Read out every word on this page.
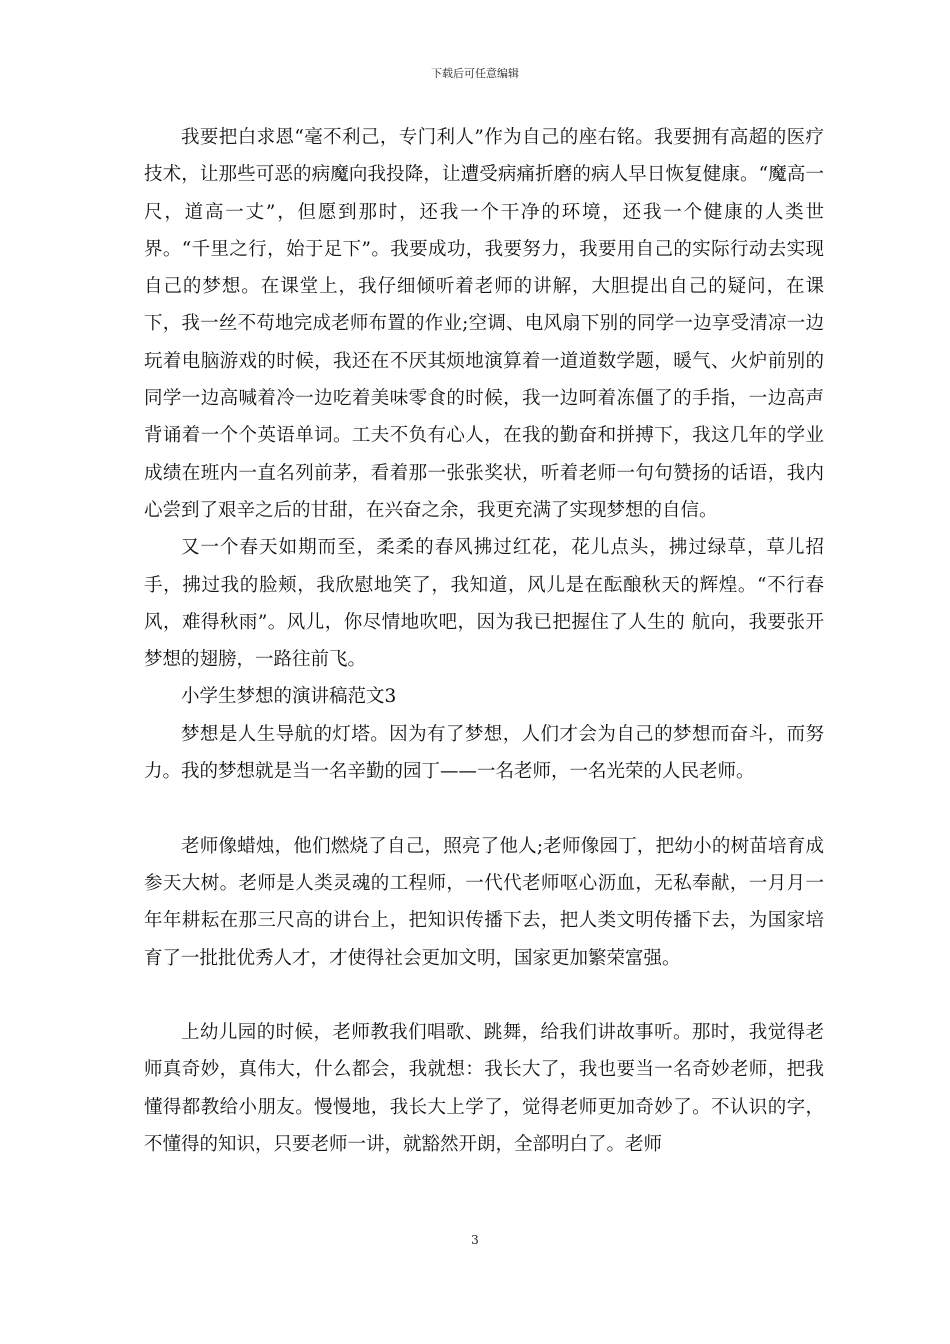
下载后可任意编辑

我要把白求恩“毫不利己，专门利人”作为自己的座右铭。我要拥有高超的医疗技术，让那些可恶的病魔向我投降，让遭受病痛折磨的病人早日恢复健康。“魔高一尺，道高一丈”，但愿到那时，还我一个干净的环境，还我一个健康的人类世界。“千里之行，始于足下”。我要成功，我要努力，我要用自己的实际行动去实现自己的梦想。在课堂上，我仔细倾听着老师的讲解，大胆提出自己的疑问，在课下，我一丝不苟地完成老师布置的作业;空调、电风扇下别的同学一边享受清凉一边玩着电脑游戏的时候，我还在不厌其烦地演算着一道道数学题，暖气、火炉前别的同学一边高喊着冷一边吃着美味零食的时候，我一边呵着冻僵了的手指，一边高声背诵着一个个英语单词。工夫不负有心人，在我的勤奋和拼搏下，我这几年的学业成绩在班内一直名列前茅，看着那一张张奖状，听着老师一句句赞扬的话语，我内心尝到了艰辛之后的甘甜，在兴奋之余，我更充满了实现梦想的自信。

又一个春天如期而至，柔柔的春风拂过红花，花儿点头，拂过绿草，草儿招手，拂过我的脸颊，我欣慰地笑了，我知道，风儿是在酝酿秋天的辉煌。“不行春风，难得秋雨”。风儿，你尽情地吹吧，因为我已把握住了人生的 航向，我要张开梦想的翅膀，一路往前飞。

小学生梦想的演讲稿范文3

梦想是人生导航的灯塔。因为有了梦想，人们才会为自己的梦想而奋斗，而努力。我的梦想就是当一名辛勤的园丁——一名老师，一名光荣的人民老师。

老师像蜡烛，他们燃烧了自己，照亮了他人;老师像园丁，把幼小的树苗培育成参天大树。老师是人类灵魂的工程师，一代代老师呕心沥血，无私奉献，一月月一年年耕耘在那三尺高的讲台上，把知识传播下去，把人类文明传播下去，为国家培育了一批批优秀人才，才使得社会更加文明，国家更加繁荣富强。

上幼儿园的时候，老师教我们唱歌、跳舞，给我们讲故事听。那时，我觉得老师真奇妙，真伟大，什么都会，我就想：我长大了，我也要当一名奇妙老师，把我懂得都教给小朋友。慢慢地，我长大上学了，觉得老师更加奇妙了。不认识的字，不懂得的知识，只要老师一讲，就豁然开朗，全部明白了。老师

3
